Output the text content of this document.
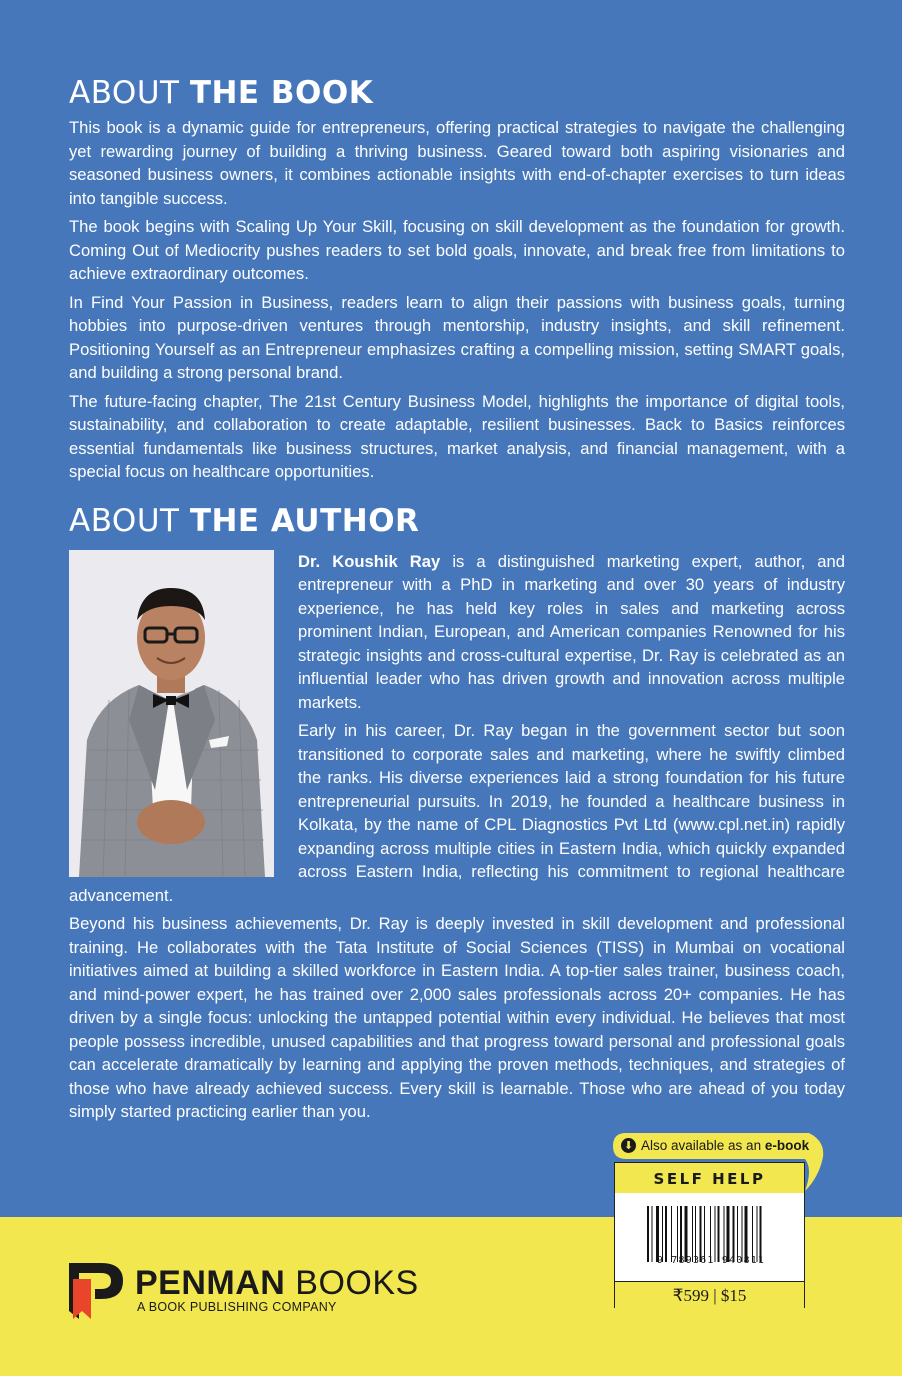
ABOUT THE BOOK

This book is a dynamic guide for entrepreneurs, offering practical strategies to navigate the challenging yet rewarding journey of building a thriving business. Geared toward both aspiring visionaries and seasoned business owners, it combines actionable insights with end-of-chapter exercises to turn ideas into tangible success.

The book begins with Scaling Up Your Skill, focusing on skill development as the foundation for growth. Coming Out of Mediocrity pushes readers to set bold goals, innovate, and break free from limitations to achieve extraordinary outcomes.

In Find Your Passion in Business, readers learn to align their passions with business goals, turning hobbies into purpose-driven ventures through mentorship, industry insights, and skill refinement. Positioning Yourself as an Entrepreneur emphasizes crafting a compelling mission, setting SMART goals, and building a strong personal brand.

The future-facing chapter, The 21st Century Business Model, highlights the importance of digital tools, sustainability, and collaboration to create adaptable, resilient businesses. Back to Basics reinforces essential fundamentals like business structures, market analysis, and financial management, with a special focus on healthcare opportunities.

ABOUT THE AUTHOR

Dr. Koushik Ray is a distinguished marketing expert, author, and entrepreneur with a PhD in marketing and over 30 years of industry experience, he has held key roles in sales and marketing across prominent Indian, European, and American companies Renowned for his strategic insights and cross-cultural expertise, Dr. Ray is celebrated as an influential leader who has driven growth and innovation across multiple markets.

Early in his career, Dr. Ray began in the government sector but soon transitioned to corporate sales and marketing, where he swiftly climbed the ranks. His diverse experiences laid a strong foundation for his future entrepreneurial pursuits. In 2019, he founded a healthcare business in Kolkata, by the name of CPL Diagnostics Pvt Ltd (www.cpl.net.in) rapidly expanding across multiple cities in Eastern India, which quickly expanded across Eastern India, reflecting his commitment to regional healthcare advancement.

Beyond his business achievements, Dr. Ray is deeply invested in skill development and professional training. He collaborates with the Tata Institute of Social Sciences (TISS) in Mumbai on vocational initiatives aimed at building a skilled workforce in Eastern India. A top-tier sales trainer, business coach, and mind-power expert, he has trained over 2,000 sales professionals across 20+ companies. He has driven by a single focus: unlocking the untapped potential within every individual. He believes that most people possess incredible, unused capabilities and that progress toward personal and professional goals can accelerate dramatically by learning and applying the proven methods, techniques, and strategies of those who have already achieved success. Every skill is learnable. Those who are ahead of you today simply started practicing earlier than you.

PENMAN BOOKS
A BOOK PUBLISHING COMPANY
⬇ Also available as an e-book
SELF HELP
9 789361 940811
₹599 | $15
